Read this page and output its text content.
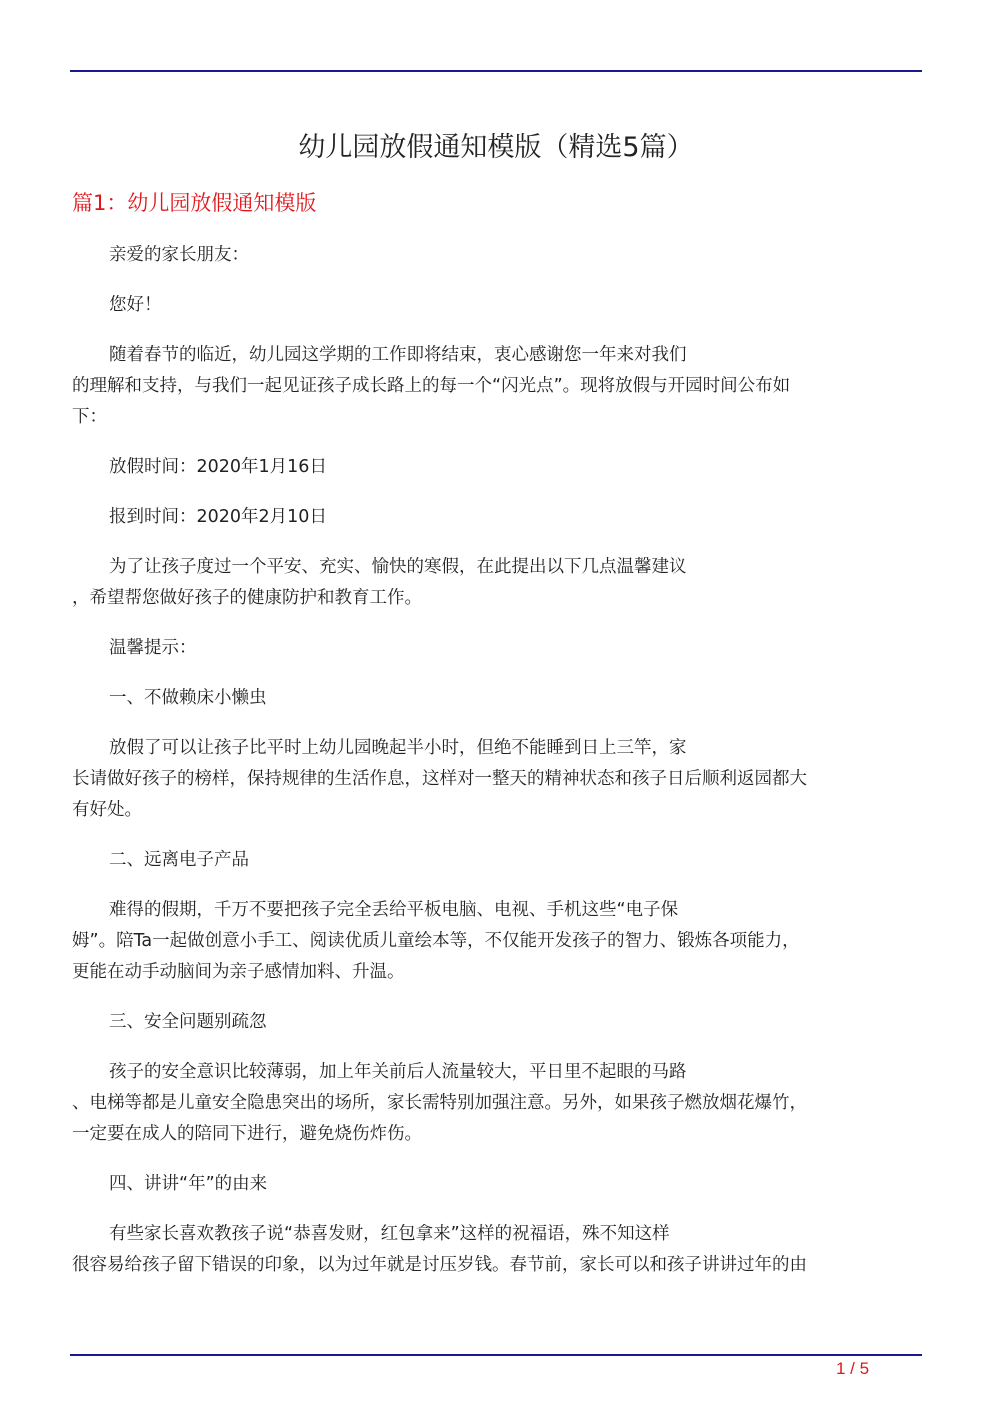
幼儿园放假通知模版（精选5篇）
篇1：幼儿园放假通知模版

亲爱的家长朋友：

您好！

随着春节的临近，幼儿园这学期的工作即将结束，衷心感谢您一年来对我们
的理解和支持，与我们一起见证孩子成长路上的每一个“闪光点”。现将放假与开园时间公布如
下：

放假时间：2020年1月16日

报到时间：2020年2月10日

为了让孩子度过一个平安、充实、愉快的寒假，在此提出以下几点温馨建议
，希望帮您做好孩子的健康防护和教育工作。

温馨提示：

一、不做赖床小懒虫

放假了可以让孩子比平时上幼儿园晚起半小时，但绝不能睡到日上三竿，家
长请做好孩子的榜样，保持规律的生活作息，这样对一整天的精神状态和孩子日后顺利返园都大
有好处。

二、远离电子产品

难得的假期，千万不要把孩子完全丢给平板电脑、电视、手机这些“电子保
姆”。陪Ta一起做创意小手工、阅读优质儿童绘本等，不仅能开发孩子的智力、锻炼各项能力，
更能在动手动脑间为亲子感情加料、升温。

三、安全问题别疏忽

孩子的安全意识比较薄弱，加上年关前后人流量较大，平日里不起眼的马路
、电梯等都是儿童安全隐患突出的场所，家长需特别加强注意。另外，如果孩子燃放烟花爆竹，
一定要在成人的陪同下进行，避免烧伤炸伤。

四、讲讲“年”的由来

有些家长喜欢教孩子说“恭喜发财，红包拿来”这样的祝福语，殊不知这样
很容易给孩子留下错误的印象，以为过年就是讨压岁钱。春节前，家长可以和孩子讲讲过年的由

1 / 5
